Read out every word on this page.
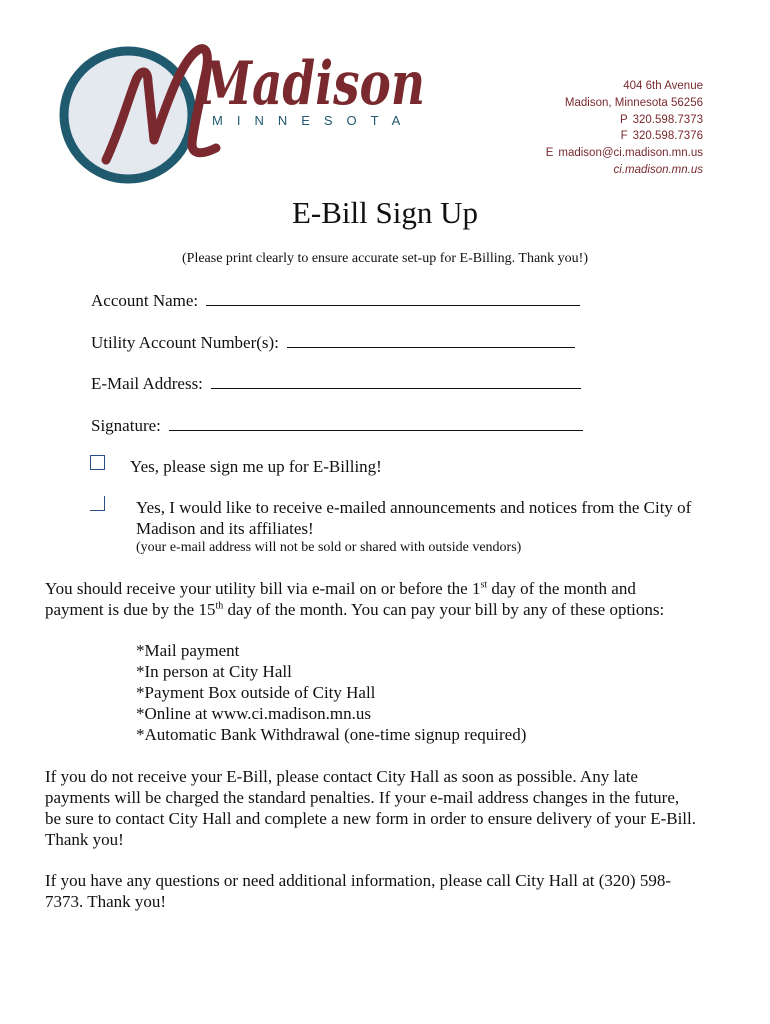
Madison
MINNESOTA
404 6th Avenue
Madison, Minnesota 56256
P 320.598.7373
F 320.598.7376
E madison@ci.madison.mn.us
ci.madison.mn.us
E-Bill Sign Up
(Please print clearly to ensure accurate set-up for E-Billing. Thank you!)
Account Name:
Utility Account Number(s):
E-Mail Address:
Signature:
Yes, please sign me up for E-Billing!
Yes, I would like to receive e-mailed announcements and notices from the City of
Madison and its affiliates!
(your e-mail address will not be sold or shared with outside vendors)
You should receive your utility bill via e-mail on or before the 1st day of the month and
payment is due by the 15th day of the month. You can pay your bill by any of these options:
*Mail payment
*In person at City Hall
*Payment Box outside of City Hall
*Online at www.ci.madison.mn.us
*Automatic Bank Withdrawal (one-time signup required)
If you do not receive your E-Bill, please contact City Hall as soon as possible. Any late
payments will be charged the standard penalties. If your e-mail address changes in the future,
be sure to contact City Hall and complete a new form in order to ensure delivery of your E-Bill.
Thank you!
If you have any questions or need additional information, please call City Hall at (320) 598-
7373. Thank you!
